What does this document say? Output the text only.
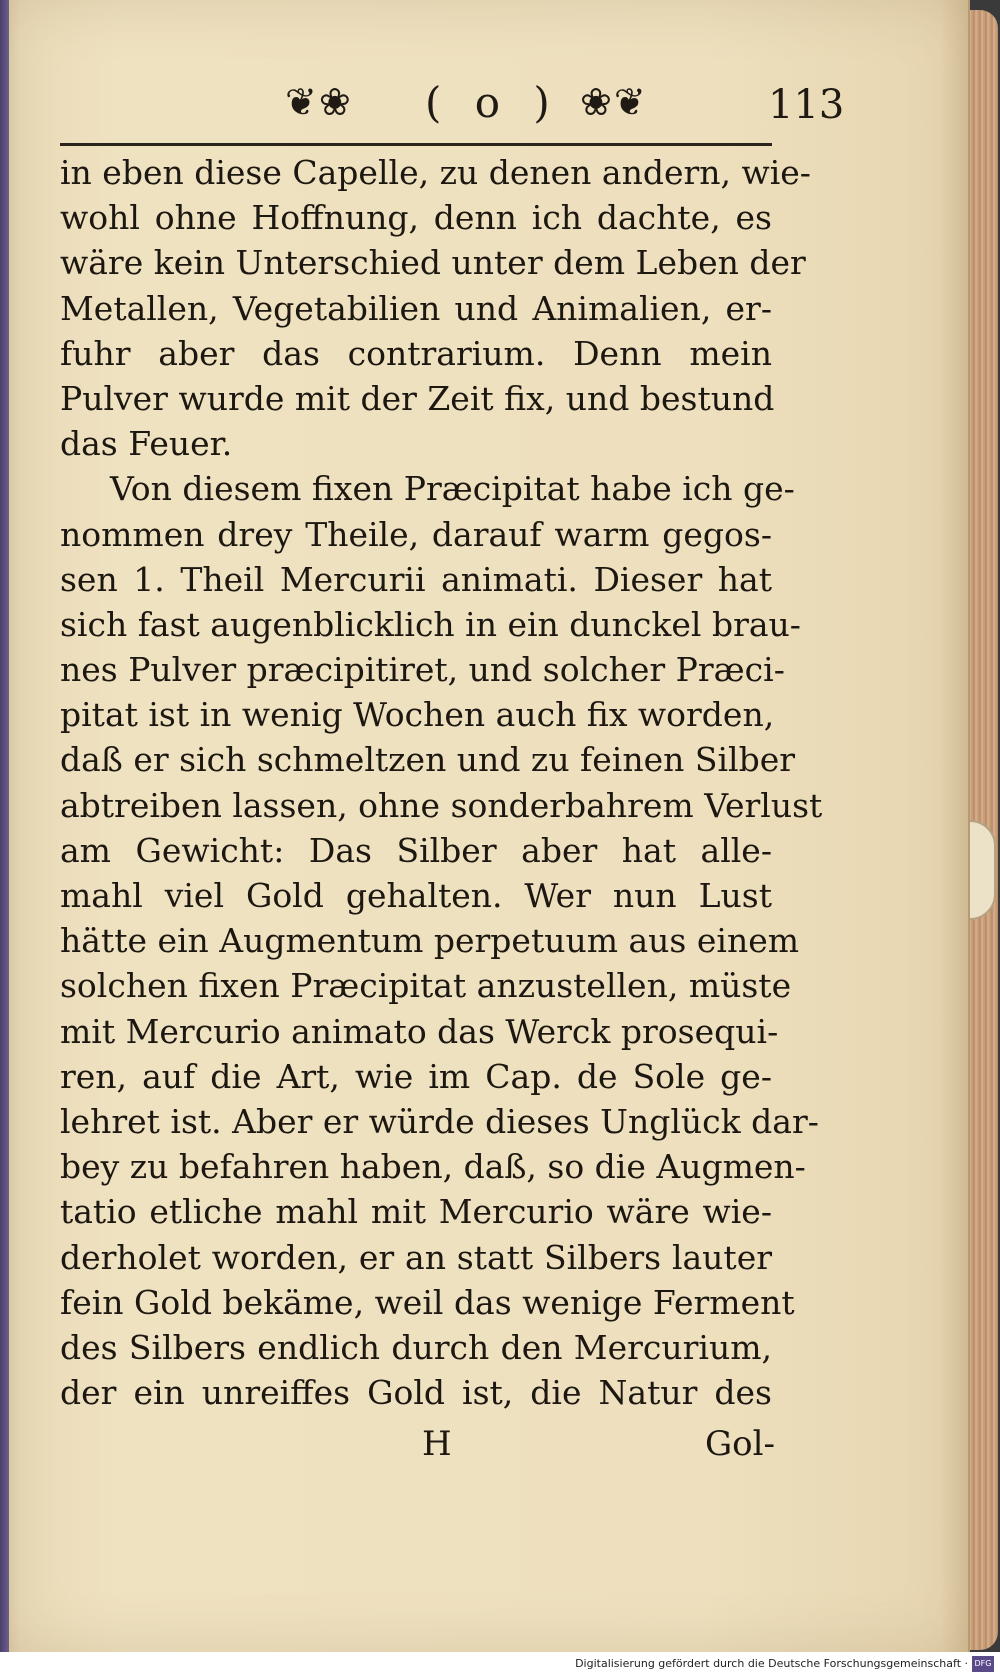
❦❀ ( o ) ❀❦	113
in eben diese Capelle, zu denen andern, wie-
wohl ohne Hoffnung, denn ich dachte, es
wäre kein Unterschied unter dem Leben der
Metallen, Vegetabilien und Animalien, er-
fuhr aber das contrarium. Denn mein
Pulver wurde mit der Zeit fix, und bestund
das Feuer.
Von diesem fixen Præcipitat habe ich ge-
nommen drey Theile, darauf warm gegos-
sen 1. Theil Mercurii animati. Dieser hat
sich fast augenblicklich in ein dunckel brau-
nes Pulver præcipitiret, und solcher Præci-
pitat ist in wenig Wochen auch fix worden,
daß er sich schmeltzen und zu feinen Silber
abtreiben lassen, ohne sonderbahrem Verlust
am Gewicht: Das Silber aber hat alle-
mahl viel Gold gehalten. Wer nun Lust
hätte ein Augmentum perpetuum aus einem
solchen fixen Præcipitat anzustellen, müste
mit Mercurio animato das Werck prosequi-
ren, auf die Art, wie im Cap. de Sole ge-
lehret ist. Aber er würde dieses Unglück dar-
bey zu befahren haben, daß, so die Augmen-
tatio etliche mahl mit Mercurio wäre wie-
derholet worden, er an statt Silbers lauter
fein Gold bekäme, weil das wenige Ferment
des Silbers endlich durch den Mercurium,
der ein unreiffes Gold ist, die Natur des
H	Gol-
Digitalisierung gefördert durch die Deutsche Forschungsgemeinschaft · DFG
